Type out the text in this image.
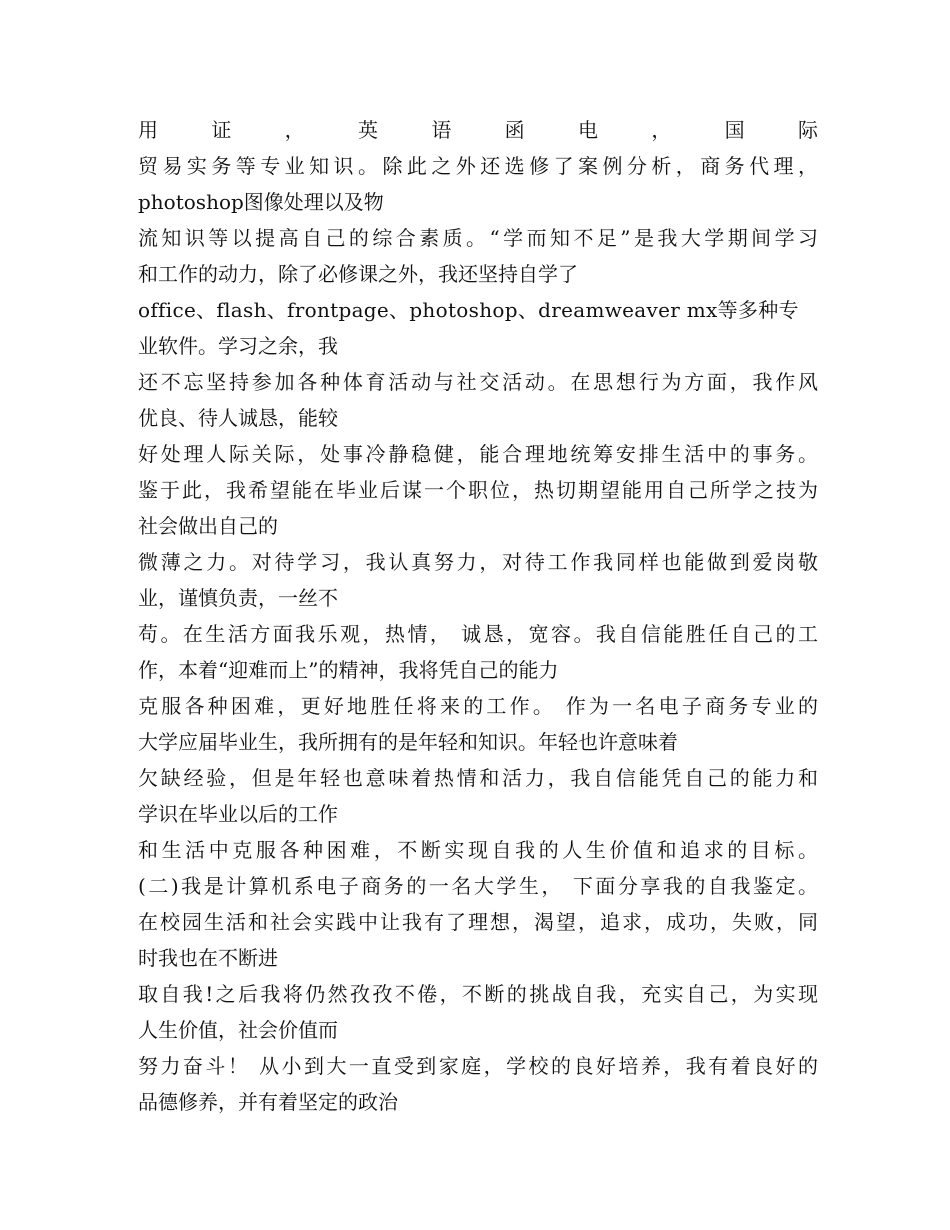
用证，英语函电，国际
贸易实务等专业知识。除此之外还选修了案例分析，商务代理，
photoshop图像处理以及物
流知识等以提高自己的综合素质。“学而知不足”是我大学期间学习
和工作的动力，除了必修课之外，我还坚持自学了
office、flash、frontpage、photoshop、dreamweaver mx等多种专
业软件。学习之余，我
还不忘坚持参加各种体育活动与社交活动。在思想行为方面，我作风
优良、待人诚恳，能较
好处理人际关际，处事冷静稳健，能合理地统筹安排生活中的事务。
鉴于此，我希望能在毕业后谋一个职位，热切期望能用自己所学之技为
社会做出自己的
微薄之力。对待学习，我认真努力，对待工作我同样也能做到爱岗敬
业，谨慎负责，一丝不
苟。在生活方面我乐观，热情， 诚恳，宽容。我自信能胜任自己的工
作，本着“迎难而上”的精神，我将凭自己的能力
克服各种困难，更好地胜任将来的工作。 作为一名电子商务专业的
大学应届毕业生，我所拥有的是年轻和知识。年轻也许意味着
欠缺经验，但是年轻也意味着热情和活力，我自信能凭自己的能力和
学识在毕业以后的工作
和生活中克服各种困难，不断实现自我的人生价值和追求的目标。
(二)我是计算机系电子商务的一名大学生， 下面分享我的自我鉴定。
在校园生活和社会实践中让我有了理想，渴望，追求，成功，失败，同
时我也在不断进
取自我!之后我将仍然孜孜不倦，不断的挑战自我，充实自己，为实现
人生价值，社会价值而
努力奋斗！ 从小到大一直受到家庭，学校的良好培养，我有着良好的
品德修养，并有着坚定的政治
